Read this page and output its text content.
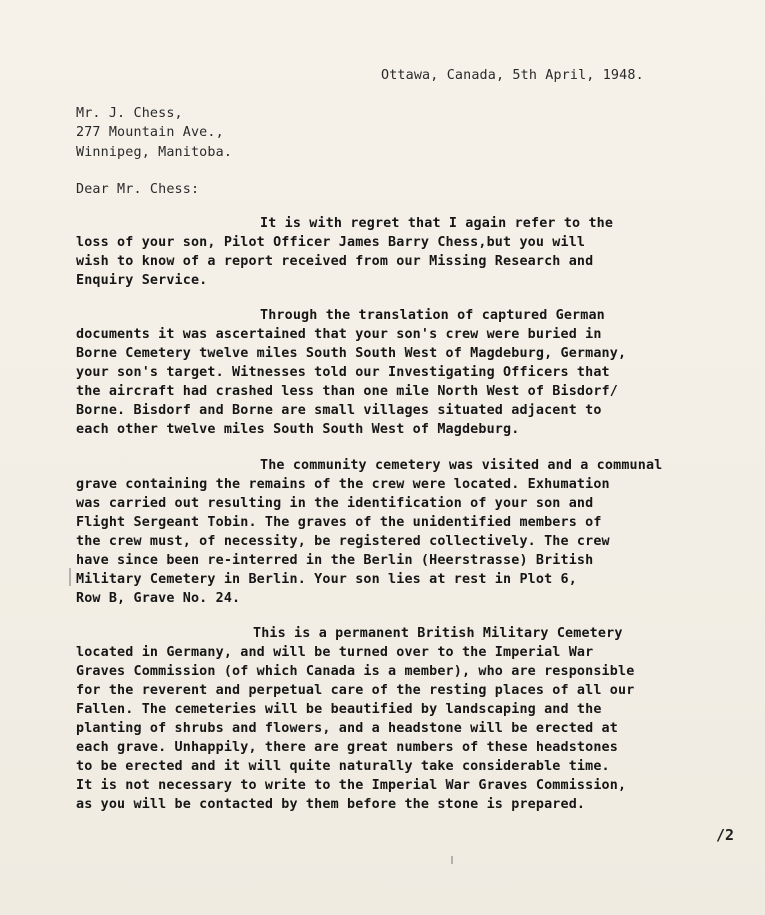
Ottawa, Canada, 5th April, 1948.
Mr. J. Chess,
277 Mountain Ave.,
Winnipeg, Manitoba.
Dear Mr. Chess:
It is with regret that I again refer to the
loss of your son, Pilot Officer James Barry Chess,but you will
wish to know of a report received from our Missing Research and
Enquiry Service.
Through the translation of captured German
documents it was ascertained that your son's crew were buried in
Borne Cemetery twelve miles South South West of Magdeburg, Germany,
your son's target. Witnesses told our Investigating Officers that
the aircraft had crashed less than one mile North West of Bisdorf/
Borne. Bisdorf and Borne are small villages situated adjacent to
each other twelve miles South South West of Magdeburg.
The community cemetery was visited and a communal
grave containing the remains of the crew were located. Exhumation
was carried out resulting in the identification of your son and
Flight Sergeant Tobin. The graves of the unidentified members of
the crew must, of necessity, be registered collectively. The crew
have since been re-interred in the Berlin (Heerstrasse) British
Military Cemetery in Berlin. Your son lies at rest in Plot 6,
Row B, Grave No. 24.
This is a permanent British Military Cemetery
located in Germany, and will be turned over to the Imperial War
Graves Commission (of which Canada is a member), who are responsible
for the reverent and perpetual care of the resting places of all our
Fallen. The cemeteries will be beautified by landscaping and the
planting of shrubs and flowers, and a headstone will be erected at
each grave. Unhappily, there are great numbers of these headstones
to be erected and it will quite naturally take considerable time.
It is not necessary to write to the Imperial War Graves Commission,
as you will be contacted by them before the stone is prepared.
/2
